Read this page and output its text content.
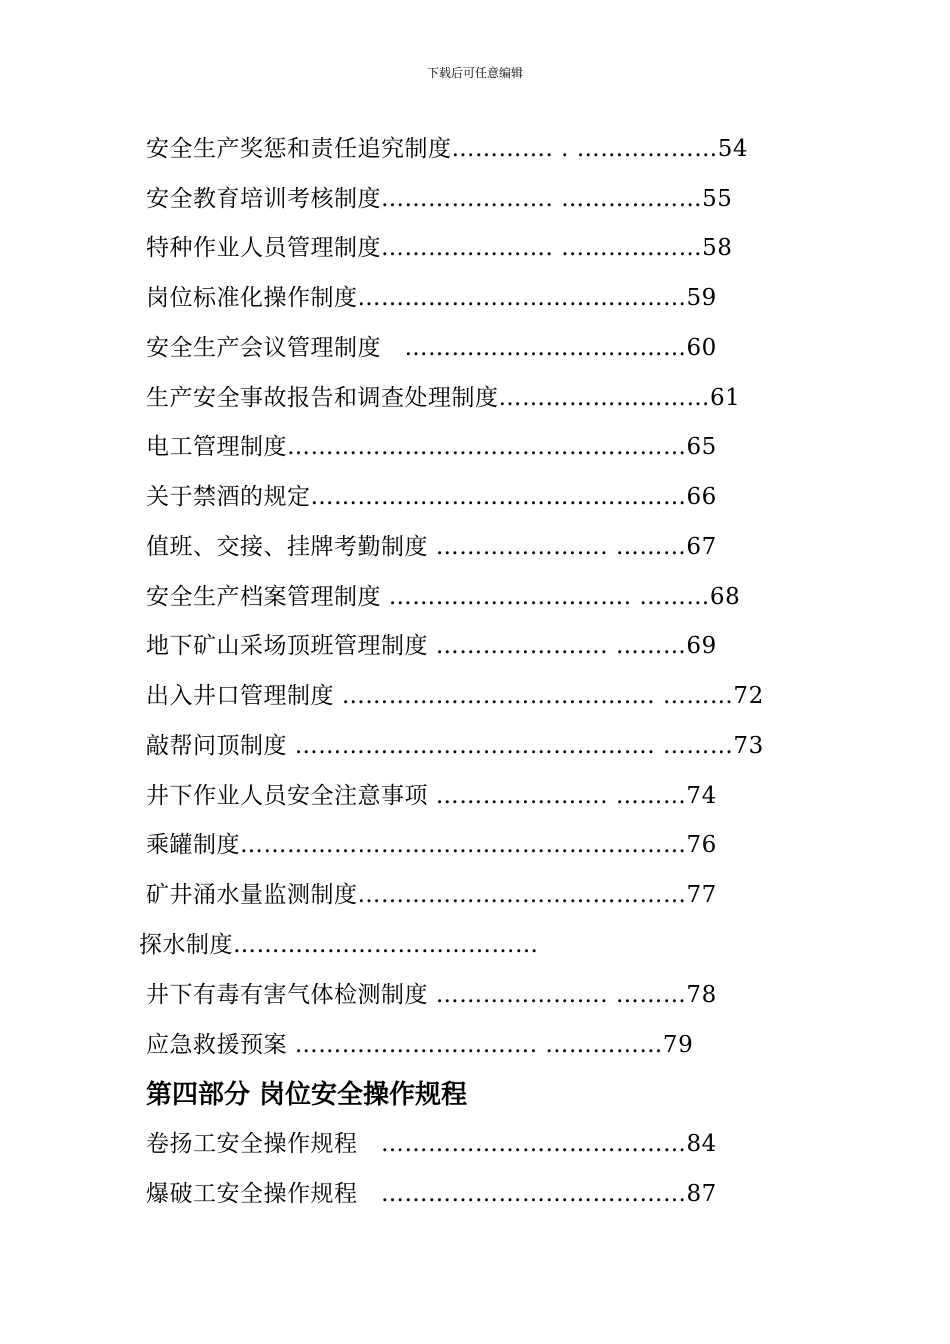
下载后可任意编辑
安全生产奖惩和责任追究制度…………. . ………………54
安全教育培训考核制度…………………. ………………55
特种作业人员管理制度…………………. ………………58
岗位标准化操作制度……………………………………59
安全生产会议管理制度　………………………………60
生产安全事故报告和调查处理制度………………………61
电工管理制度……………………………………………65
关于禁酒的规定…………………………………………66
值班、交接、挂牌考勤制度 …………………. ………67
安全生产档案管理制度 …………………………. ………68
地下矿山采场顶班管理制度 …………………. ………69
出入井口管理制度 …………………………………. ………72
敲帮问顶制度 ………………………………………. ………73
井下作业人员安全注意事项 …………………. ………74
乘罐制度…………………………………………………76
矿井涌水量监测制度……………………………………77
探水制度…………………………………
井下有毒有害气体检测制度 …………………. ………78
应急救援预案 …………………………. ……………79
第四部分 岗位安全操作规程
卷扬工安全操作规程　…………………………………84
爆破工安全操作规程　…………………………………87
